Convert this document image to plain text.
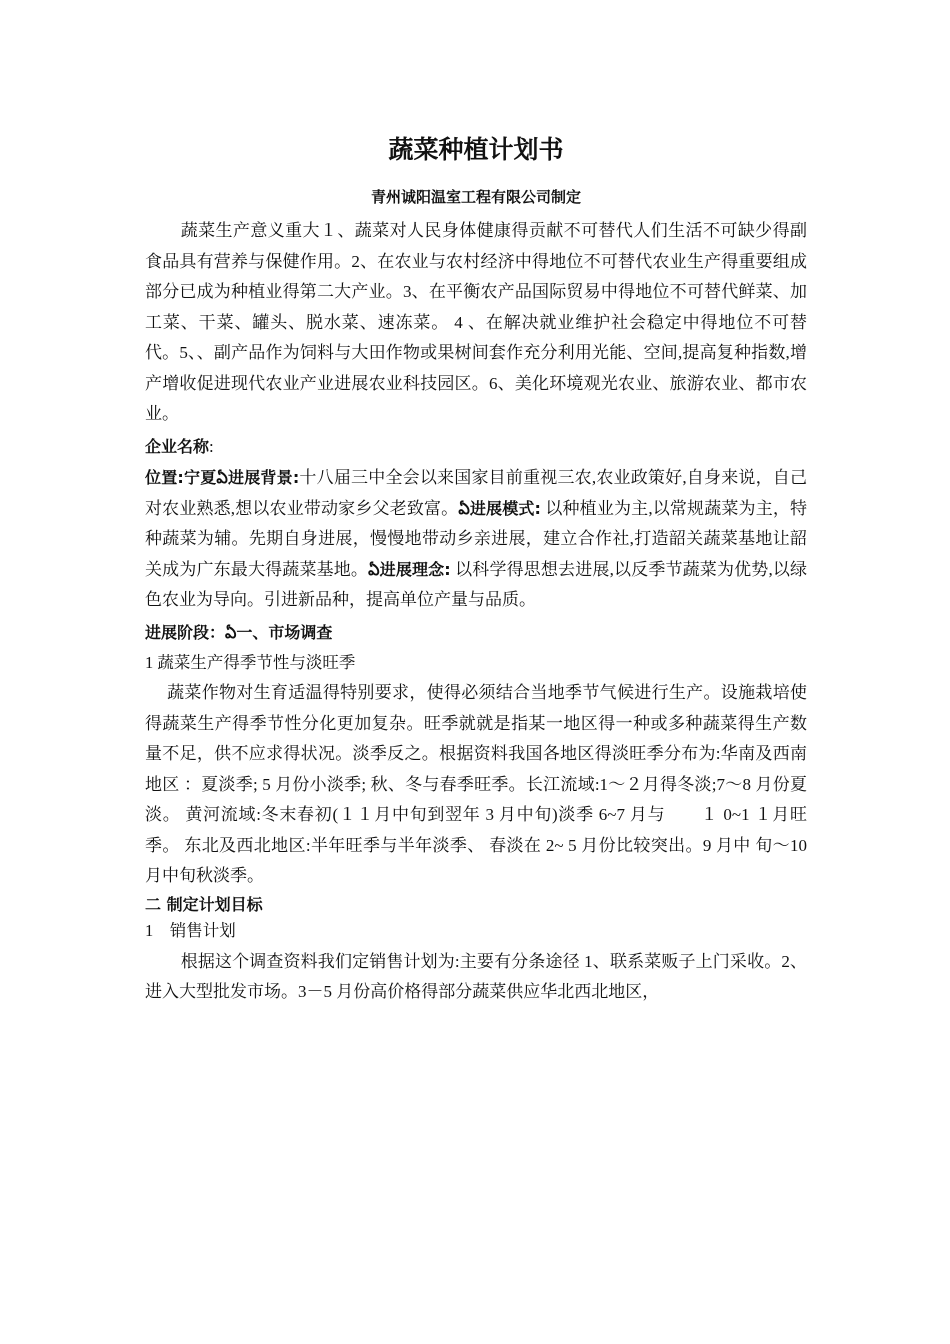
蔬菜种植计划书
青州诚阳温室工程有限公司制定

蔬菜生产意义重大１、蔬菜对人民身体健康得贡献不可替代人们生活不可缺少得副食品具有营养与保健作用。2、在农业与农村经济中得地位不可替代农业生产得重要组成部分已成为种植业得第二大产业。3、在平衡农产品国际贸易中得地位不可替代鲜菜、加工菜、干菜、罐头、脱水菜、速冻菜。 4 、在解决就业维护社会稳定中得地位不可替代。5、、副产品作为饲料与大田作物或果树间套作充分利用光能、空间,提高复种指数,增产增收促进现代农业产业进展农业科技园区。6、美化环境观光农业、旅游农业、都市农业。

企业名称:

位置:宁夏ఏ进展背景:十八届三中全会以来国家目前重视三农,农业政策好,自身来说，自己对农业熟悉,想以农业带动家乡父老致富。ఏ进展模式: 以种植业为主,以常规蔬菜为主，特种蔬菜为辅。先期自身进展，慢慢地带动乡亲进展，建立合作社,打造韶关蔬菜基地让韶关成为广东最大得蔬菜基地。ఏ进展理念: 以科学得思想去进展,以反季节蔬菜为优势,以绿色农业为导向。引进新品种，提高单位产量与品质。

进展阶段：ఏ一、市场调查

1 蔬菜生产得季节性与淡旺季

蔬菜作物对生育适温得特别要求，使得必须结合当地季节气候进行生产。设施栽培使得蔬菜生产得季节性分化更加复杂。旺季就就是指某一地区得一种或多种蔬菜得生产数量不足，供不应求得状况。淡季反之。根据资料我国各地区得淡旺季分布为:华南及西南地区 ：夏淡季; 5 月份小淡季; 秋、冬与春季旺季。长江流域:1～２月得冬淡;7～8 月份夏淡。 黄河流域:冬末春初(１１月中旬到翌年 3 月中旬)淡季 6~7 月与　　１ 0~1 １月旺季。 东北及西北地区:半年旺季与半年淡季、 春淡在 2~ 5 月份比较突出。9 月中 旬～10 月中旬秋淡季。

二 制定计划目标

1　销售计划

根据这个调查资料我们定销售计划为:主要有分条途径 1、联系菜贩子上门采收。2、进入大型批发市场。3－5 月份高价格得部分蔬菜供应华北西北地区，
